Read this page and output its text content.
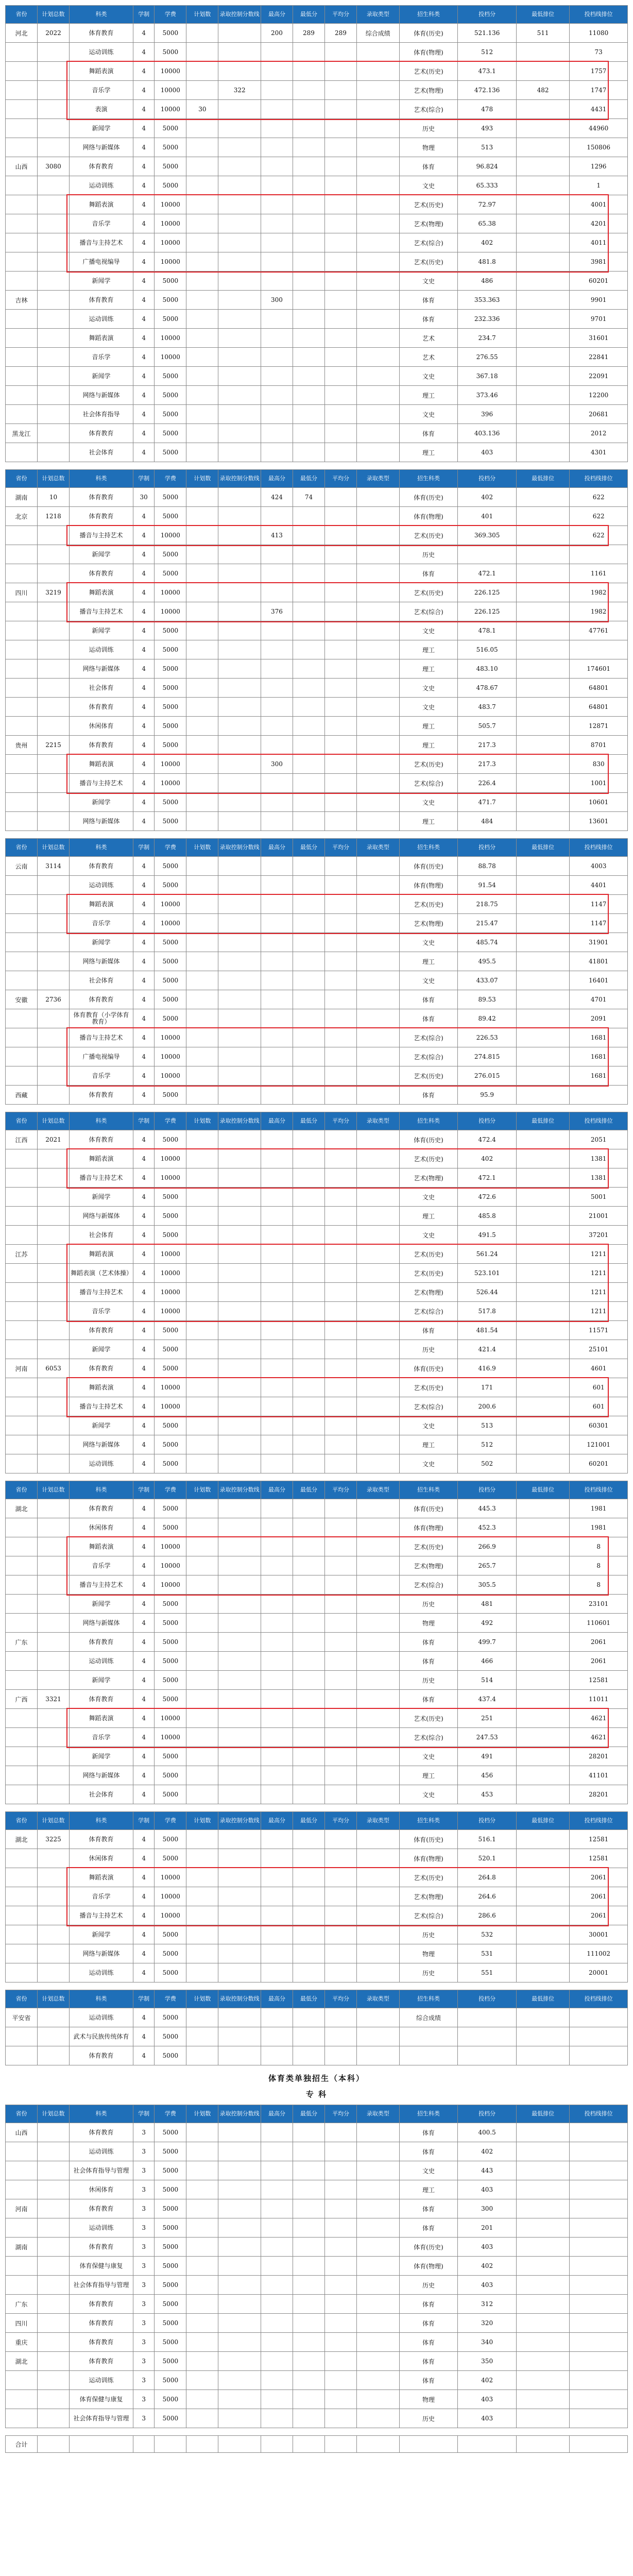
省份	计划总数	科类	学制	学费	计划数	录取控制分数线	最高分	最低分	平均分	录取类型	招生科类	投档分	最低排位	投档线排位
河北	2022	体育教育	4	5000			200	289	289	综合成绩	体育(历史)	521.136	511	11080
		运动训练	4	5000							体育(物理)	512		73
		舞蹈表演	4	10000							艺术(历史)	473.1		1757
		音乐学	4	10000		322					艺术(物理)	472.136	482	1747
		表演	4	10000	30						艺术(综合)	478		4431
		新闻学	4	5000							历史	493		44960
		网络与新媒体	4	5000							物理	513		150806
山西	3080	体育教育	4	5000							体育	96.824		1296
		运动训练	4	5000							文史	65.333		1
		舞蹈表演	4	10000							艺术(历史)	72.97		4001
		音乐学	4	10000							艺术(物理)	65.38		4201
		播音与主持艺术	4	10000							艺术(综合)	402		4011
		广播电视编导	4	10000							艺术(历史)	481.8		3981
		新闻学	4	5000							文史	486		60201
吉林		体育教育	4	5000			300				体育	353.363		9901
		运动训练	4	5000							体育	232.336		9701
		舞蹈表演	4	10000							艺术	234.7		31601
		音乐学	4	10000							艺术	276.55		22841
		新闻学	4	5000							文史	367.18		22091
		网络与新媒体	4	5000							理工	373.46		12200
		社会体育指导	4	5000							文史	396		20681
黑龙江		体育教育	4	5000							体育	403.136		2012
		社会体育	4	5000							理工	403		4301
省份	计划总数	科类	学制	学费	计划数	录取控制分数线	最高分	最低分	平均分	录取类型	招生科类	投档分	最低排位	投档线排位
湖南	10	体育教育	30	5000			424	74			体育(历史)	402		622
北京	1218	体育教育	4	5000							体育(物理)	401		622
		播音与主持艺术	4	10000			413				艺术(历史)	369.305		622
		新闻学	4	5000							历史			
		体育教育	4	5000							体育	472.1		1161
四川	3219	舞蹈表演	4	10000							艺术(历史)	226.125		1982
		播音与主持艺术	4	10000			376				艺术(综合)	226.125		1982
		新闻学	4	5000							文史	478.1		47761
		运动训练	4	5000							理工	516.05		
		网络与新媒体	4	5000							理工	483.10		174601
		社会体育	4	5000							文史	478.67		64801
		体育教育	4	5000							文史	483.7		64801
		休闲体育	4	5000							理工	505.7		12871
贵州	2215	体育教育	4	5000							理工	217.3		8701
		舞蹈表演	4	10000			300				艺术(历史)	217.3		830
		播音与主持艺术	4	10000							艺术(综合)	226.4		1001
		新闻学	4	5000							文史	471.7		10601
		网络与新媒体	4	5000							理工	484		13601
省份	计划总数	科类	学制	学费	计划数	录取控制分数线	最高分	最低分	平均分	录取类型	招生科类	投档分	最低排位	投档线排位
云南	3114	体育教育	4	5000							体育(历史)	88.78		4003
		运动训练	4	5000							体育(物理)	91.54		4401
		舞蹈表演	4	10000							艺术(历史)	218.75		1147
		音乐学	4	10000							艺术(物理)	215.47		1147
		新闻学	4	5000							文史	485.74		31901
		网络与新媒体	4	5000							理工	495.5		41801
		社会体育	4	5000							文史	433.07		16401
安徽	2736	体育教育	4	5000							体育	89.53		4701
		体育教育（小学体育教育）	4	5000							体育	89.42		2091
		播音与主持艺术	4	10000							艺术(综合)	226.53		1681
		广播电视编导	4	10000							艺术(综合)	274.815		1681
		音乐学	4	10000							艺术(历史)	276.015		1681
西藏		体育教育	4	5000							体育	95.9		
省份	计划总数	科类	学制	学费	计划数	录取控制分数线	最高分	最低分	平均分	录取类型	招生科类	投档分	最低排位	投档线排位
江西	2021	体育教育	4	5000							体育(历史)	472.4		2051
		舞蹈表演	4	10000							艺术(历史)	402		1381
		播音与主持艺术	4	10000							艺术(物理)	472.1		1381
		新闻学	4	5000							文史	472.6		5001
		网络与新媒体	4	5000							理工	485.8		21001
		社会体育	4	5000							文史	491.5		37201
江苏		舞蹈表演	4	10000							艺术(历史)	561.24		1211
		舞蹈表演（艺术体操）	4	10000							艺术(历史)	523.101		1211
		播音与主持艺术	4	10000							艺术(物理)	526.44		1211
		音乐学	4	10000							艺术(综合)	517.8		1211
		体育教育	4	5000							体育	481.54		11571
		新闻学	4	5000							历史	421.4		25101
河南	6053	体育教育	4	5000							体育(历史)	416.9		4601
		舞蹈表演	4	10000							艺术(历史)	171		601
		播音与主持艺术	4	10000							艺术(综合)	200.6		601
		新闻学	4	5000							文史	513		60301
		网络与新媒体	4	5000							理工	512		121001
		运动训练	4	5000							文史	502		60201
省份	计划总数	科类	学制	学费	计划数	录取控制分数线	最高分	最低分	平均分	录取类型	招生科类	投档分	最低排位	投档线排位
湖北		体育教育	4	5000							体育(历史)	445.3		1981
		休闲体育	4	5000							体育(物理)	452.3		1981
		舞蹈表演	4	10000							艺术(历史)	266.9		8
		音乐学	4	10000							艺术(物理)	265.7		8
		播音与主持艺术	4	10000							艺术(综合)	305.5		8
		新闻学	4	5000							历史	481		23101
		网络与新媒体	4	5000							物理	492		110601
广东		体育教育	4	5000							体育	499.7		2061
		运动训练	4	5000							体育	466		2061
		新闻学	4	5000							历史	514		12581
广西	3321	体育教育	4	5000							体育	437.4		11011
		舞蹈表演	4	10000							艺术(历史)	251		4621
		音乐学	4	10000							艺术(综合)	247.53		4621
		新闻学	4	5000							文史	491		28201
		网络与新媒体	4	5000							理工	456		41101
		社会体育	4	5000							文史	453		28201
省份	计划总数	科类	学制	学费	计划数	录取控制分数线	最高分	最低分	平均分	录取类型	招生科类	投档分	最低排位	投档线排位
湖北	3225	体育教育	4	5000							体育(历史)	516.1		12581
		休闲体育	4	5000							体育(物理)	520.1		12581
		舞蹈表演	4	10000							艺术(历史)	264.8		2061
		音乐学	4	10000							艺术(物理)	264.6		2061
		播音与主持艺术	4	10000							艺术(综合)	286.6		2061
		新闻学	4	5000							历史	532		30001
		网络与新媒体	4	5000							物理	531		111002
		运动训练	4	5000							历史	551		20001
省份	计划总数	科类	学制	学费	计划数	录取控制分数线	最高分	最低分	平均分	录取类型	招生科类	投档分	最低排位	投档线排位
平安省		运动训练	4	5000							综合成绩			
		武术与民族传统体育	4	5000										
		体育教育	4	5000										
体育类单独招生（本科）
专 科
省份	计划总数	科类	学制	学费	计划数	录取控制分数线	最高分	最低分	平均分	录取类型	招生科类	投档分	最低排位	投档线排位
山西		体育教育	3	5000							体育	400.5		
		运动训练	3	5000							体育	402		
		社会体育指导与管理	3	5000							文史	443		
		休闲体育	3	5000							理工	403		
河南		体育教育	3	5000							体育	300		
		运动训练	3	5000							体育	201		
湖南		体育教育	3	5000							体育(历史)	403		
		体育保健与康复	3	5000							体育(物理)	402		
		社会体育指导与管理	3	5000							历史	403		
广东		体育教育	3	5000							体育	312		
四川		体育教育	3	5000							体育	320		
重庆		体育教育	3	5000							体育	340		
湖北		体育教育	3	5000							体育	350		
		运动训练	3	5000							体育	402		
		体育保健与康复	3	5000							物理	403		
		社会体育指导与管理	3	5000							历史	403		
合计														
